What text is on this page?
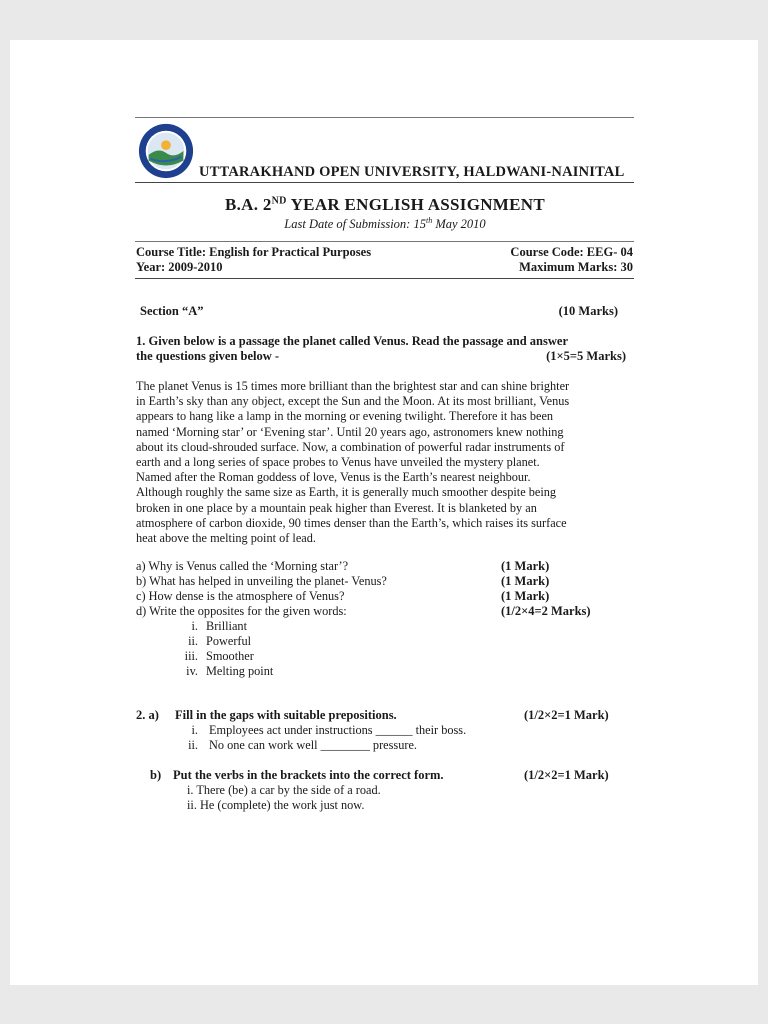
UTTARAKHAND OPEN UNIVERSITY, HALDWANI-NAINITAL
B.A. 2ND YEAR ENGLISH ASSIGNMENT
Last Date of Submission: 15th May 2010
Course Title: English for Practical Purposes	Course Code: EEG- 04
Year: 2009-2010	Maximum Marks: 30
Section “A”	(10 Marks)
1. Given below is a passage the planet called Venus. Read the passage and answer
the questions given below -	(1×5=5 Marks)
The planet Venus is 15 times more brilliant than the brightest star and can shine brighter
in Earth’s sky than any object, except the Sun and the Moon. At its most brilliant, Venus
appears to hang like a lamp in the morning or evening twilight. Therefore it has been
named ‘Morning star’ or ‘Evening star’. Until 20 years ago, astronomers knew nothing
about its cloud-shrouded surface. Now, a combination of powerful radar instruments of
earth and a long series of space probes to Venus have unveiled the mystery planet.
Named after the Roman goddess of love, Venus is the Earth’s nearest neighbour.
Although roughly the same size as Earth, it is generally much smoother despite being
broken in one place by a mountain peak higher than Everest. It is blanketed by an
atmosphere of carbon dioxide, 90 times denser than the Earth’s, which raises its surface
heat above the melting point of lead.
a) Why is Venus called the ‘Morning star’?	(1 Mark)
b) What has helped in unveiling the planet- Venus?	(1 Mark)
c) How dense is the atmosphere of Venus?	(1 Mark)
d) Write the opposites for the given words:	(1/2×4=2 Marks)
i. Brilliant
ii. Powerful
iii. Smoother
iv. Melting point
2. a) Fill in the gaps with suitable prepositions.	(1/2×2=1 Mark)
i. Employees act under instructions ______ their boss.
ii. No one can work well ________ pressure.
b) Put the verbs in the brackets into the correct form.	(1/2×2=1 Mark)
i. There (be) a car by the side of a road.
ii. He (complete) the work just now.
